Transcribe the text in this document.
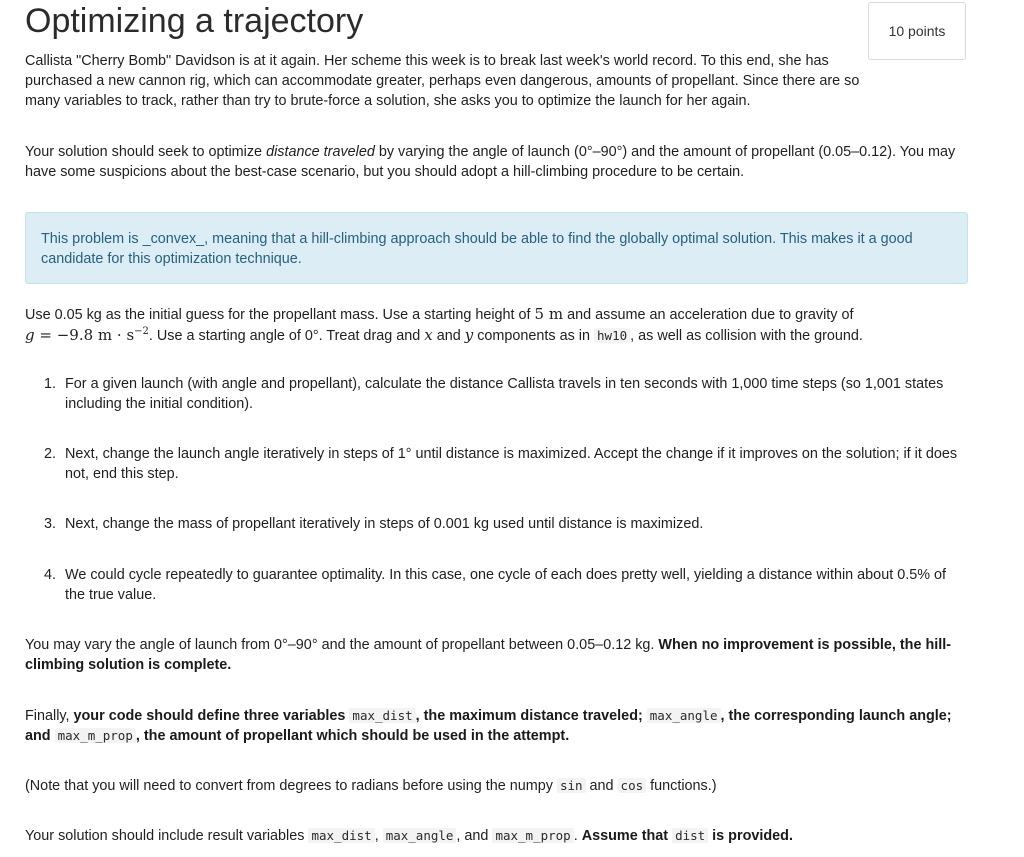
Optimizing a trajectory	10 points

Callista "Cherry Bomb" Davidson is at it again. Her scheme this week is to break last week's world record. To this end, she has purchased a new cannon rig, which can accommodate greater, perhaps even dangerous, amounts of propellant. Since there are so many variables to track, rather than try to brute-force a solution, she asks you to optimize the launch for her again.

Your solution should seek to optimize distance traveled by varying the angle of launch (0°–90°) and the amount of propellant (0.05–0.12). You may have some suspicions about the best-case scenario, but you should adopt a hill-climbing procedure to be certain.

This problem is _convex_, meaning that a hill-climbing approach should be able to find the globally optimal solution. This makes it a good candidate for this optimization technique.

Use 0.05 kg as the initial guess for the propellant mass. Use a starting height of 5 m and assume an acceleration due to gravity of
g = −9.8 $m \cdot s^{-2}$. Use a starting angle of 0°. Treat drag and x and y components as in hw10 , as well as collision with the ground.

1. For a given launch (with angle and propellant), calculate the distance Callista travels in ten seconds with 1,000 time steps (so 1,001 states including the initial condition).
2. Next, change the launch angle iteratively in steps of 1° until distance is maximized. Accept the change if it improves on the solution; if it does not, end this step.
3. Next, change the mass of propellant iteratively in steps of 0.001 kg used until distance is maximized.
4. We could cycle repeatedly to guarantee optimality. In this case, one cycle of each does pretty well, yielding a distance within about 0.5% of the true value.

You may vary the angle of launch from 0°–90° and the amount of propellant between 0.05–0.12 kg. When no improvement is possible, the hill-climbing solution is complete.

Finally, your code should define three variables max_dist , the maximum distance traveled; max_angle , the corresponding launch angle; and max_m_prop , the amount of propellant which should be used in the attempt.

(Note that you will need to convert from degrees to radians before using the numpy sin and cos functions.)

Your solution should include result variables max_dist , max_angle , and max_m_prop . Assume that dist is provided.
